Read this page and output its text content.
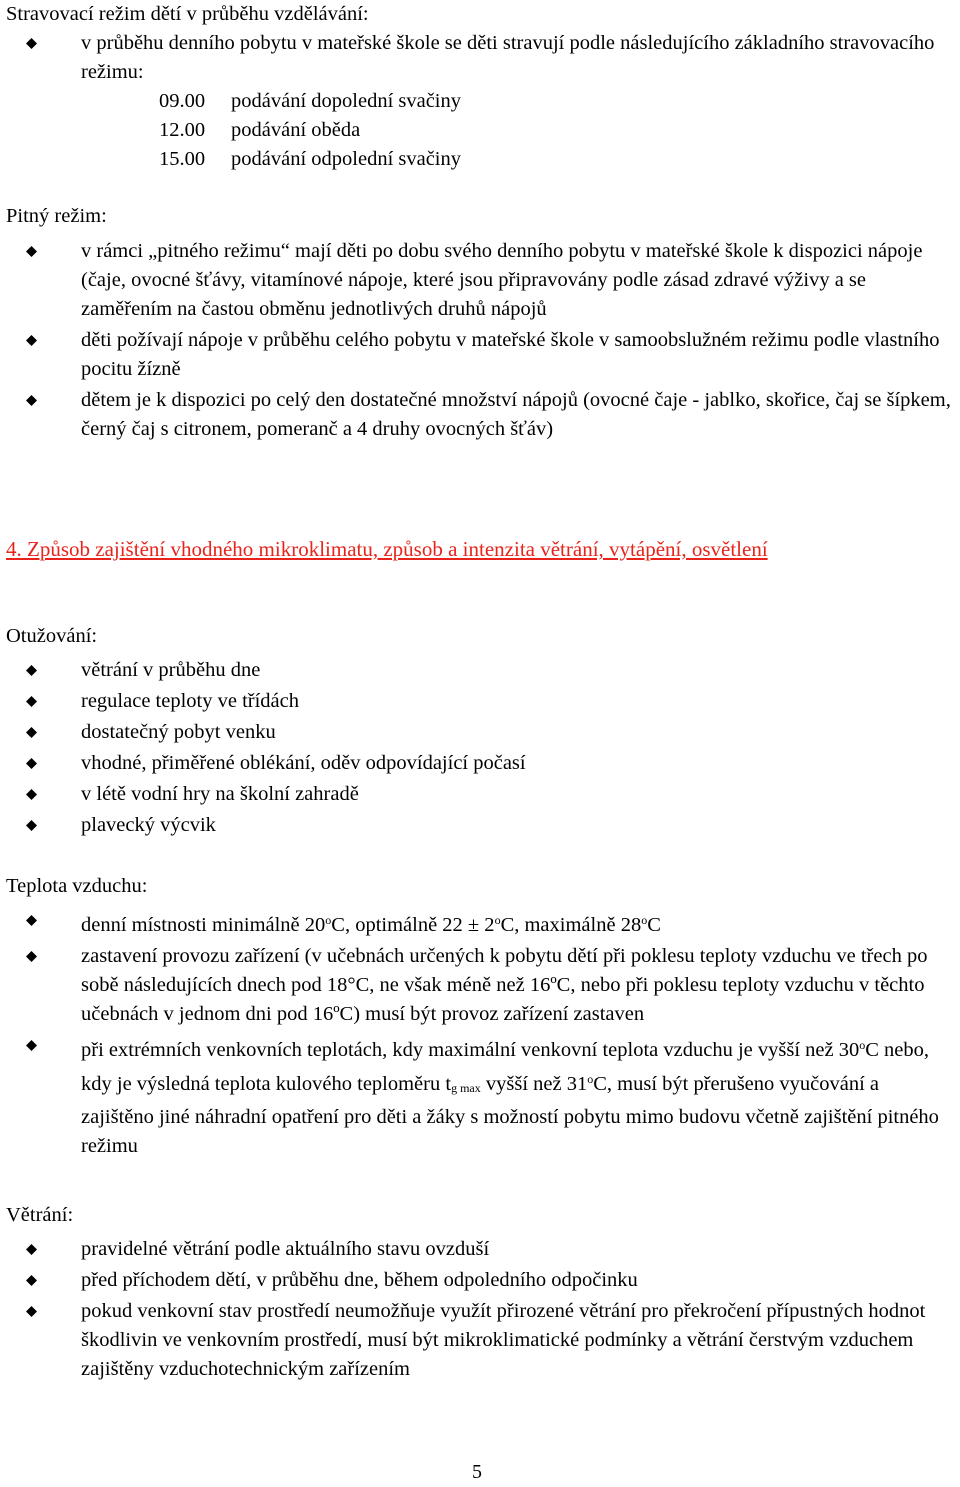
Stravovací režim dětí v průběhu vzdělávání:

v průběhu denního pobytu v mateřské škole se děti stravují podle následujícího základního stravovacího režimu:
09.00 podávání dopolední svačiny
12.00 podávání oběda
15.00 podávání odpolední svačiny

Pitný režim:

v rámci „pitného režimu“ mají děti po dobu svého denního pobytu v mateřské škole k dispozici nápoje (čaje, ovocné šťávy, vitamínové nápoje, které jsou připravovány podle zásad zdravé výživy a se zaměřením na častou obměnu jednotlivých druhů nápojů
děti požívají nápoje v průběhu celého pobytu v mateřské škole v samoobslužném režimu podle vlastního pocitu žízně
dětem je k dispozici po celý den dostatečné množství nápojů (ovocné čaje - jablko, skořice, čaj se šípkem, černý čaj s citronem, pomeranč a 4 druhy ovocných šťáv)

4. Způsob zajištění vhodného mikroklimatu, způsob a intenzita větrání, vytápění, osvětlení

Otužování:

větrání v průběhu dne
regulace teploty ve třídách
dostatečný pobyt venku
vhodné, přiměřené oblékání, oděv odpovídající počasí
v létě vodní hry na školní zahradě
plavecký výcvik

Teplota vzduchu:

denní místnosti minimálně 20$^o$C, optimálně $22 \pm 2^oC$, maximálně 28$^o$C
zastavení provozu zařízení (v učebnách určených k pobytu dětí při poklesu teploty vzduchu ve třech po sobě následujících dnech pod 18°C, ne však méně než 16ºC, nebo při poklesu teploty vzduchu v těchto učebnách v jednom dni pod 16ºC) musí být provoz zařízení zastaven
při extrémních venkovních teplotách, kdy maximální venkovní teplota vzduchu je vyšší než 30$^o$C nebo, kdy je výsledná teplota kulového teploměru $t_{g max}$ vyšší než 31$^o$C, musí být přerušeno vyučování a zajištěno jiné náhradní opatření pro děti a žáky s možností pobytu mimo budovu včetně zajištění pitného režimu

Větrání:

pravidelné větrání podle aktuálního stavu ovzduší
před příchodem dětí, v průběhu dne, během odpoledního odpočinku
pokud venkovní stav prostředí neumožňuje využít přirozené větrání pro překročení přípustných hodnot škodlivin ve venkovním prostředí, musí být mikroklimatické podmínky a větrání čerstvým vzduchem zajištěny vzduchotechnickým zařízením
5
